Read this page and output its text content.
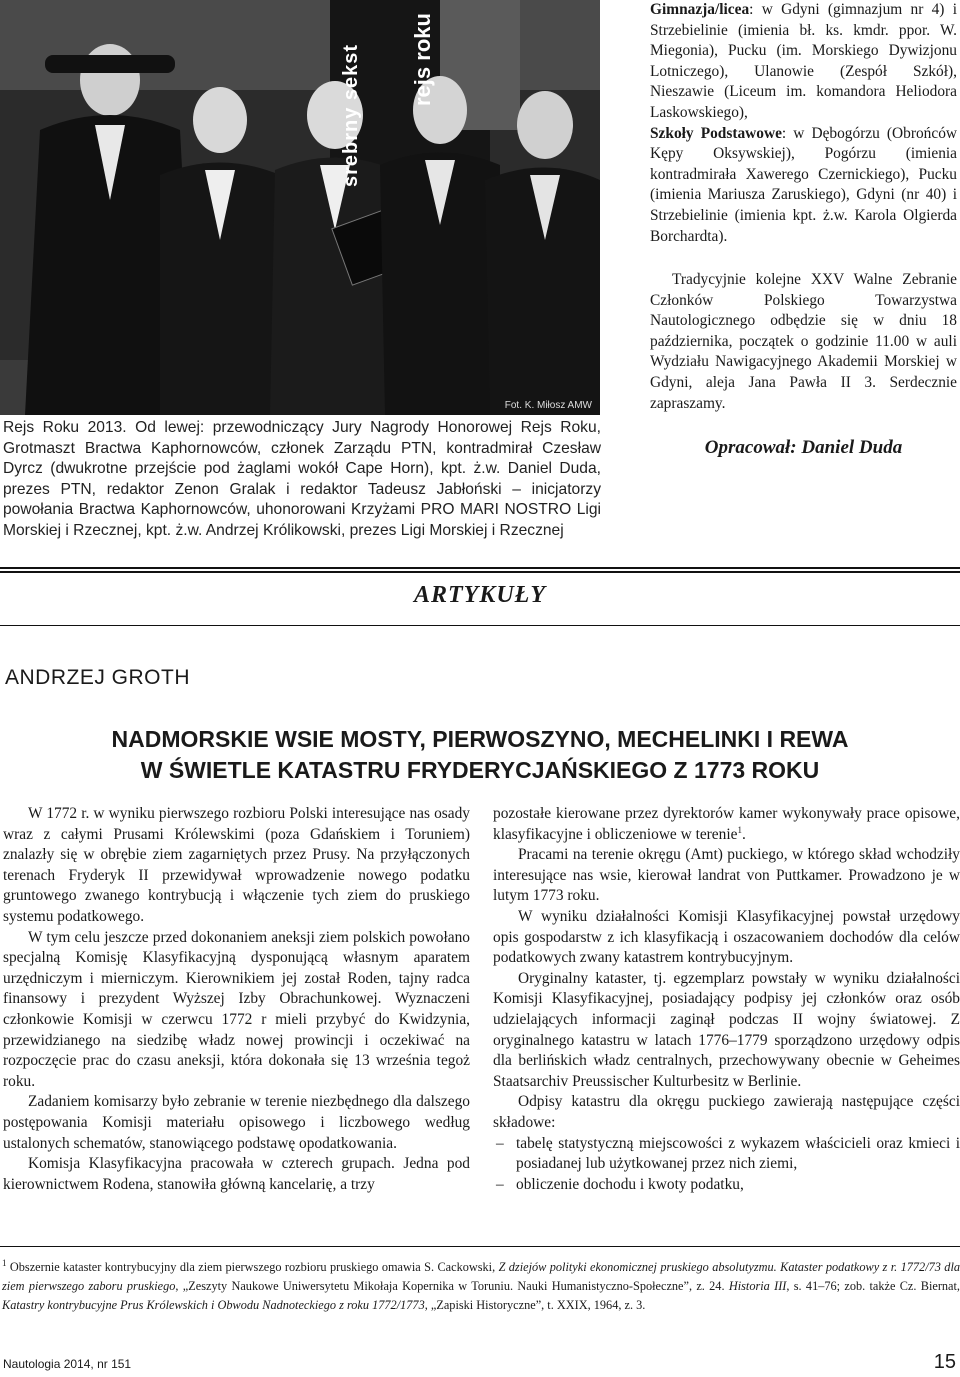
srebrny sekst	rejs roku
Fot. K. Miłosz AMW
Rejs Roku 2013. Od lewej: przewodniczący Jury Nagrody Honorowej Rejs Roku, Grotmaszt Bractwa Kaphornowców, członek Zarządu PTN, kontradmirał Czesław Dyrcz (dwukrotne przejście pod żaglami wokół Cape Horn), kpt. ż.w. Daniel Duda, prezes PTN, redaktor Zenon Gralak i redaktor Tadeusz Jabłoński – inicjatorzy powołania Bractwa Kaphornowców, uhonorowani Krzyżami PRO MARI NOSTRO Ligi Morskiej i Rzecznej, kpt. ż.w. Andrzej Królikowski, prezes Ligi Morskiej i Rzecznej

Gimnazja/licea: w Gdyni (gimnazjum nr 4) i Strzebielinie (imienia bł. ks. kmdr. ppor. W. Miegonia), Pucku (im. Morskiego Dywizjonu Lotniczego), Ulanowie (Zespół Szkół), Nieszawie (Liceum im. komandora Heliodora Laskowskiego),

Szkoły Podstawowe: w Dębogórzu (Obrońców Kępy Oksywskiej), Pogórzu (imienia kontradmirała Xawerego Czernickiego), Pucku (imienia Mariusza Zaruskiego), Gdyni (nr 40) i Strzebielinie (imienia kpt. ż.w. Karola Olgierda Borchardta).

Tradycyjnie kolejne XXV Walne Zebranie Członków Polskiego Towarzystwa Nautologicznego odbędzie się w dniu 18 października, początek o godzinie 11.00 w auli Wydziału Nawigacyjnego Akademii Morskiej w Gdyni, aleja Jana Pawła II 3. Serdecznie zapraszamy.
Opracował: Daniel Duda
ARTYKUŁY
ANDRZEJ GROTH
NADMORSKIE WSIE MOSTY, PIERWOSZYNO, MECHELINKI I REWA
W ŚWIETLE KATASTRU FRYDERYCJAŃSKIEGO Z 1773 ROKU

W 1772 r. w wyniku pierwszego rozbioru Polski interesujące nas osady wraz z całymi Prusami Królewskimi (poza Gdańskiem i Toruniem) znalazły się w obrębie ziem zagarniętych przez Prusy. Na przyłączonych terenach Fryderyk II przewidywał wprowadzenie nowego podatku gruntowego zwanego kontrybucją i włączenie tych ziem do pruskiego systemu podatkowego.

W tym celu jeszcze przed dokonaniem aneksji ziem polskich powołano specjalną Komisję Klasyfikacyjną dysponującą własnym aparatem urzędniczym i mierniczym. Kierownikiem jej został Roden, tajny radca finansowy i prezydent Wyższej Izby Obrachunkowej. Wyznaczeni członkowie Komisji w czerwcu 1772 r mieli przybyć do Kwidzynia, przewidzianego na siedzibę władz nowej prowincji i oczekiwać na rozpoczęcie prac do czasu aneksji, która dokonała się 13 września tegoż roku.

Zadaniem komisarzy było zebranie w terenie niezbędnego dla dalszego postępowania Komisji materiału opisowego i liczbowego według ustalonych schematów, stanowiącego podstawę opodatkowania.

Komisja Klasyfikacyjna pracowała w czterech grupach. Jedna pod kierownictwem Rodena, stanowiła główną kancelarię, a trzy

pozostałe kierowane przez dyrektorów kamer wykonywały prace opisowe, klasyfikacyjne i obliczeniowe w terenie$^1$.

Pracami na terenie okręgu (Amt) puckiego, w którego skład wchodziły interesujące nas wsie, kierował landrat von Puttkamer. Prowadzono je w lutym 1773 roku.

W wyniku działalności Komisji Klasyfikacyjnej powstał urzędowy opis gospodarstw z ich klasyfikacją i oszacowaniem dochodów dla celów podatkowych zwany katastrem kontrybucyjnym.

Oryginalny kataster, tj. egzemplarz powstały w wyniku działalności Komisji Klasyfikacyjnej, posiadający podpisy jej członków oraz osób udzielających informacji zaginął podczas II wojny światowej. Z oryginalnego katastru w latach 1776–1779 sporządzono urzędowy odpis dla berlińskich władz centralnych, przechowywany obecnie w Geheimes Staatsarchiv Preussischer Kulturbesitz w Berlinie.

Odpisy katastru dla okręgu puckiego zawierają następujące części składowe:

– tabelę statystyczną miejscowości z wykazem właścicieli oraz kmieci i posiadanej lub użytkowanej przez nich ziemi,
– obliczenie dochodu i kwoty podatku,
$^1$ Obszernie kataster kontrybucyjny dla ziem pierwszego rozbioru pruskiego omawia S. Cackowski, Z dziejów polityki ekonomicznej pruskiego absolutyzmu. Kataster podatkowy z r. 1772/73 dla ziem pierwszego zaboru pruskiego, „Zeszyty Naukowe Uniwersytetu Mikołaja Kopernika w Toruniu. Nauki Humanistyczno-Społeczne”, z. 24. Historia III, s. 41–76; zob. także Cz. Biernat, Katastry kontrybucyjne Prus Królewskich i Obwodu Nadnoteckiego z roku 1772/1773, „Zapiski Historyczne”, t. XXIX, 1964, z. 3.
Nautologia 2014, nr 151	15
